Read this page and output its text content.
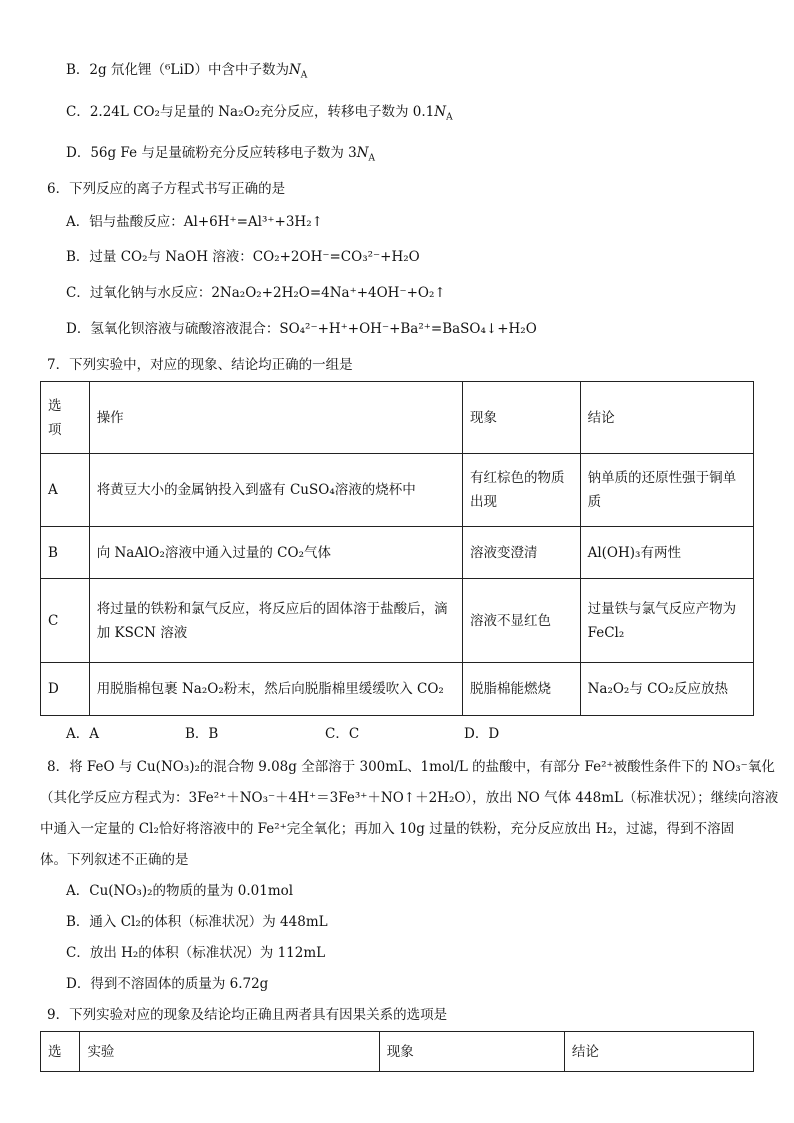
B．2g 氘化锂（⁶LiD）中含中子数为$N_A$
C．2.24L CO₂与足量的 Na₂O₂充分反应，转移电子数为 $0.1N_A$
D．56g Fe 与足量硫粉充分反应转移电子数为 $3N_A$
6．下列反应的离子方程式书写正确的是
A．铝与盐酸反应：Al+6H⁺=Al³⁺+3H₂↑
B．过量 CO₂与 NaOH 溶液：CO₂+2OH⁻=CO₃²⁻+H₂O
C．过氧化钠与水反应：2Na₂O₂+2H₂O=4Na⁺+4OH⁻+O₂↑
D．氢氧化钡溶液与硫酸溶液混合：SO₄²⁻+H⁺+OH⁻+Ba²⁺=BaSO₄↓+H₂O
7．下列实验中，对应的现象、结论均正确的一组是
选项	操作	现象	结论
A	将黄豆大小的金属钠投入到盛有 CuSO₄溶液的烧杯中	有红棕色的物质出现	钠单质的还原性强于铜单质
B	向 NaAlO₂溶液中通入过量的 CO₂气体	溶液变澄清	Al(OH)₃有两性
C	将过量的铁粉和氯气反应，将反应后的固体溶于盐酸后，滴加 KSCN 溶液	溶液不显红色	过量铁与氯气反应产物为 FeCl₂
D	用脱脂棉包裹 Na₂O₂粉末，然后向脱脂棉里缓缓吹入 CO₂	脱脂棉能燃烧	Na₂O₂与 CO₂反应放热
A．A	B．B	C．C	D．D
8．将 FeO 与 Cu(NO₃)₂的混合物 9.08g 全部溶于 300mL、1mol/L 的盐酸中，有部分 Fe²⁺被酸性条件下的 NO₃⁻氧化
（其化学反应方程式为：3Fe²⁺＋NO₃⁻＋4H⁺＝3Fe³⁺＋NO↑＋2H₂O），放出 NO 气体 448mL（标准状况）；继续向溶液
中通入一定量的 Cl₂恰好将溶液中的 Fe²⁺完全氧化；再加入 10g 过量的铁粉，充分反应放出 H₂，过滤，得到不溶固
体。下列叙述不正确的是
A．Cu(NO₃)₂的物质的量为 0.01mol
B．通入 Cl₂的体积（标准状况）为 448mL
C．放出 H₂的体积（标准状况）为 112mL
D．得到不溶固体的质量为 6.72g
9．下列实验对应的现象及结论均正确且两者具有因果关系的选项是
选	实验	现象	结论
